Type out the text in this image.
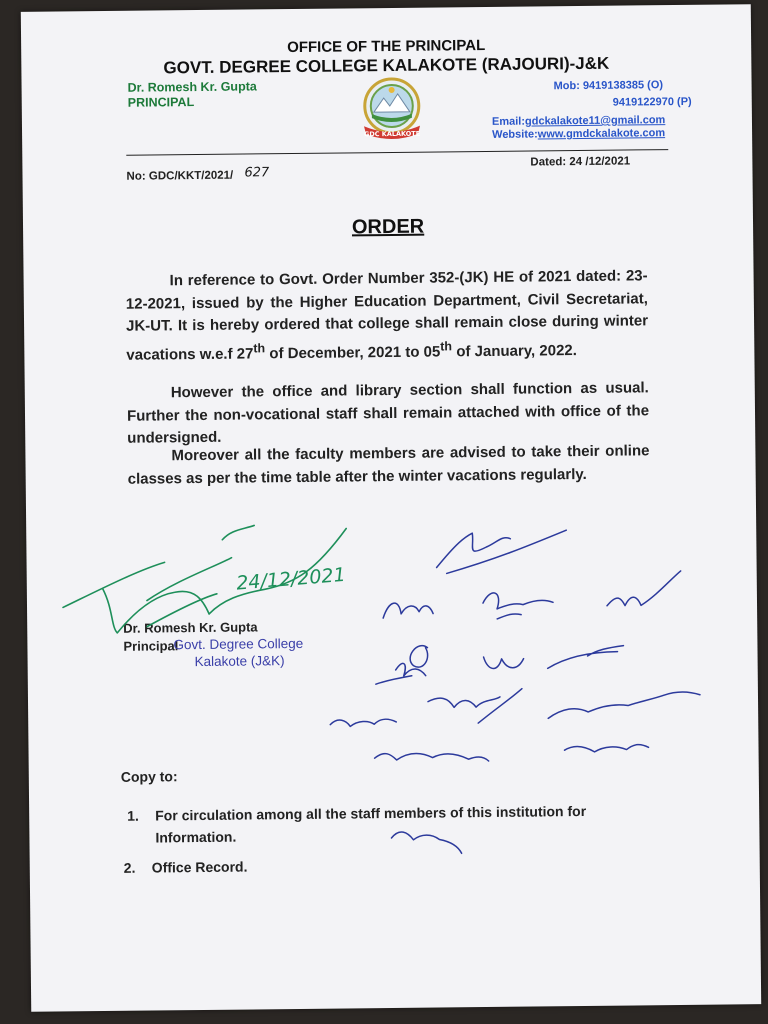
OFFICE OF THE PRINCIPAL

GOVT. DEGREE COLLEGE KALAKOTE (RAJOURI)-J&K

Dr. Romesh Kr. Gupta

PRINCIPAL

GDC KALAKOTE

Mob: 9419138385 (O)

9419122970 (P)

Email:gdckalakote11@gmail.com

Website:www.gmdckalakote.com

Dated: 24 /12/2021

No: GDC/KKT/2021/ 627

ORDER

In reference to Govt. Order Number 352-(JK) HE of 2021 dated: 23-12-2021, issued by the Higher Education Department, Civil Secretariat, JK-UT. It is hereby ordered that college shall remain close during winter vacations w.e.f 27th of December, 2021 to 05th of January, 2022.

However the office and library section shall function as usual. Further the non-vocational staff shall remain attached with office of the undersigned.

Moreover all the faculty members are advised to take their online classes as per the time table after the winter vacations regularly.

Dr. Romesh Kr. Gupta

Principal

Govt. Degree College

Kalakote (J&K)

24/12/2021

Copy to:

1. For circulation among all the staff members of this institution for Information.

2. Office Record.
